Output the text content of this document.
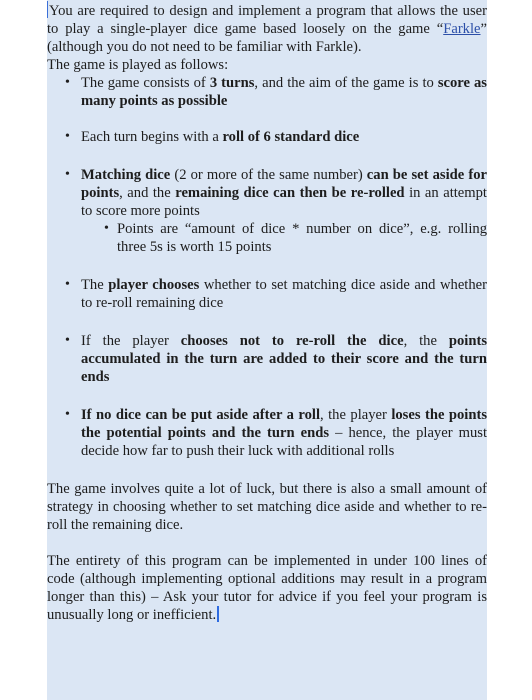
You are required to design and implement a program that allows the user to play a single-player dice game based loosely on the game “Farkle” (although you do not need to be familiar with Farkle).

The game is played as follows:

• The game consists of 3 turns, and the aim of the game is to score as many points as possible
• Each turn begins with a roll of 6 standard dice
• Matching dice (2 or more of the same number) can be set aside for points, and the remaining dice can then be re-rolled in an attempt to score more points
• Points are “amount of dice * number on dice”, e.g. rolling three 5s is worth 15 points
• The player chooses whether to set matching dice aside and whether to re-roll remaining dice
• If the player chooses not to re-roll the dice, the points accumulated in the turn are added to their score and the turn ends
• If no dice can be put aside after a roll, the player loses the points the potential points and the turn ends – hence, the player must decide how far to push their luck with additional rolls

The game involves quite a lot of luck, but there is also a small amount of strategy in choosing whether to set matching dice aside and whether to re-roll the remaining dice.

The entirety of this program can be implemented in under 100 lines of code (although implementing optional additions may result in a program longer than this) – Ask your tutor for advice if you feel your program is unusually long or inefficient.
